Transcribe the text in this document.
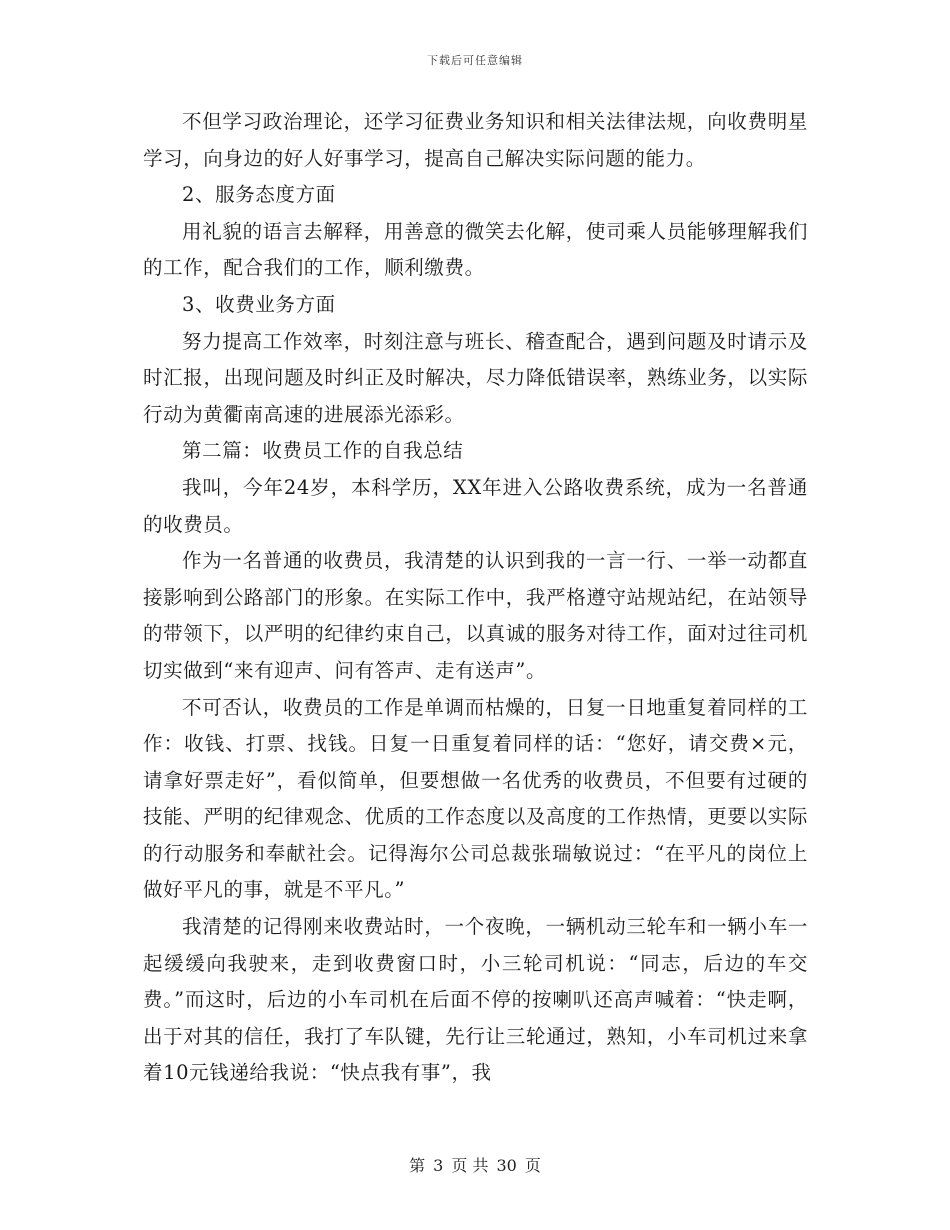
下载后可任意编辑

不但学习政治理论，还学习征费业务知识和相关法律法规，向收费明星学习，向身边的好人好事学习，提高自己解决实际问题的能力。

2、服务态度方面

用礼貌的语言去解释，用善意的微笑去化解，使司乘人员能够理解我们的工作，配合我们的工作，顺利缴费。

3、收费业务方面

努力提高工作效率，时刻注意与班长、稽查配合，遇到问题及时请示及时汇报，出现问题及时纠正及时解决，尽力降低错误率，熟练业务，以实际行动为黄衢南高速的进展添光添彩。

第二篇：收费员工作的自我总结

我叫，今年24岁，本科学历，XX年进入公路收费系统，成为一名普通的收费员。

作为一名普通的收费员，我清楚的认识到我的一言一行、一举一动都直接影响到公路部门的形象。在实际工作中，我严格遵守站规站纪，在站领导的带领下，以严明的纪律约束自己，以真诚的服务对待工作，面对过往司机切实做到“来有迎声、问有答声、走有送声”。

不可否认，收费员的工作是单调而枯燥的，日复一日地重复着同样的工作：收钱、打票、找钱。日复一日重复着同样的话：“您好，请交费×元，请拿好票走好”，看似简单，但要想做一名优秀的收费员，不但要有过硬的技能、严明的纪律观念、优质的工作态度以及高度的工作热情，更要以实际的行动服务和奉献社会。记得海尔公司总裁张瑞敏说过：“在平凡的岗位上做好平凡的事，就是不平凡。”

我清楚的记得刚来收费站时，一个夜晚，一辆机动三轮车和一辆小车一起缓缓向我驶来，走到收费窗口时，小三轮司机说：“同志，后边的车交费。”而这时，后边的小车司机在后面不停的按喇叭还高声喊着：“快走啊，出于对其的信任，我打了车队键，先行让三轮通过，熟知，小车司机过来拿着10元钱递给我说：“快点我有事”，我

第 3 页 共 30 页
